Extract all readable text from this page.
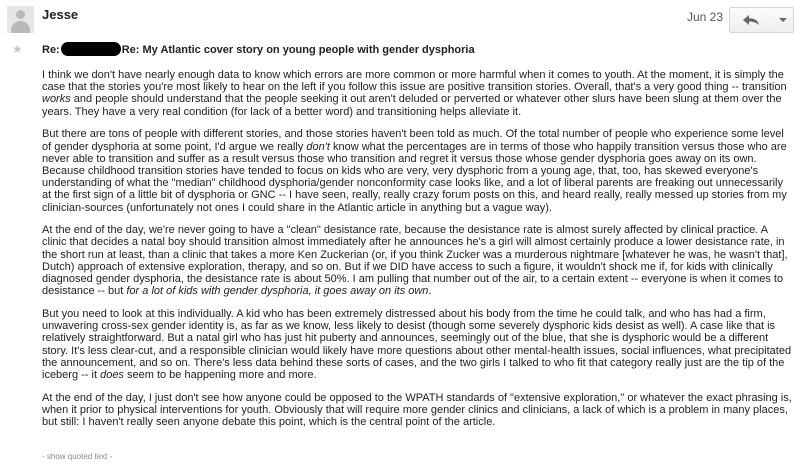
Jesse	Jun 23
★ Re:	Re: My Atlantic cover story on young people with gender dysphoria

I think we don't have nearly enough data to know which errors are more common or more harmful when it comes to youth. At the moment, it is simply the case that the stories you're most likely to hear on the left if you follow this issue are positive transition stories. Overall, that's a very good thing -- transition works and people should understand that the people seeking it out aren't deluded or perverted or whatever other slurs have been slung at them over the years. They have a very real condition (for lack of a better word) and transitioning helps alleviate it.

But there are tons of people with different stories, and those stories haven't been told as much. Of the total number of people who experience some level of gender dysphoria at some point, I'd argue we really don't know what the percentages are in terms of those who happily transition versus those who are never able to transition and suffer as a result versus those who transition and regret it versus those whose gender dysphoria goes away on its own. Because childhood transition stories have tended to focus on kids who are very, very dysphoric from a young age, that, too, has skewed everyone's understanding of what the "median" childhood dysphoria/gender nonconformity case looks like, and a lot of liberal parents are freaking out unnecessarily at the first sign of a little bit of dysphoria or GNC -- I have seen, really, really crazy forum posts on this, and heard really, really messed up stories from my clinician-sources (unfortunately not ones I could share in the Atlantic article in anything but a vague way).

At the end of the day, we're never going to have a "clean" desistance rate, because the desistance rate is almost surely affected by clinical practice. A clinic that decides a natal boy should transition almost immediately after he announces he's a girl will almost certainly produce a lower desistance rate, in the short run at least, than a clinic that takes a more Ken Zuckerian (or, if you think Zucker was a murderous nightmare [whatever he was, he wasn't that], Dutch) approach of extensive exploration, therapy, and so on. But if we DID have access to such a figure, it wouldn't shock me if, for kids with clinically diagnosed gender dysphoria, the desistance rate is about 50%. I am pulling that number out of the air, to a certain extent -- everyone is when it comes to desistance -- but for a lot of kids with gender dysphoria, it goes away on its own.

But you need to look at this individually. A kid who has been extremely distressed about his body from the time he could talk, and who has had a firm, unwavering cross-sex gender identity is, as far as we know, less likely to desist (though some severely dysphoric kids desist as well). A case like that is relatively straightforward. But a natal girl who has just hit puberty and announces, seemingly out of the blue, that she is dysphoric would be a different story. It's less clear-cut, and a responsible clinician would likely have more questions about other mental-health issues, social influences, what precipitated the announcement, and so on. There's less data behind these sorts of cases, and the two girls I talked to who fit that category really just are the tip of the iceberg -- it does seem to be happening more and more.

At the end of the day, I just don't see how anyone could be opposed to the WPATH standards of "extensive exploration," or whatever the exact phrasing is, when it prior to physical interventions for youth. Obviously that will require more gender clinics and clinicians, a lack of which is a problem in many places, but still: I haven't really seen anyone debate this point, which is the central point of the article.

- show quoted text -
